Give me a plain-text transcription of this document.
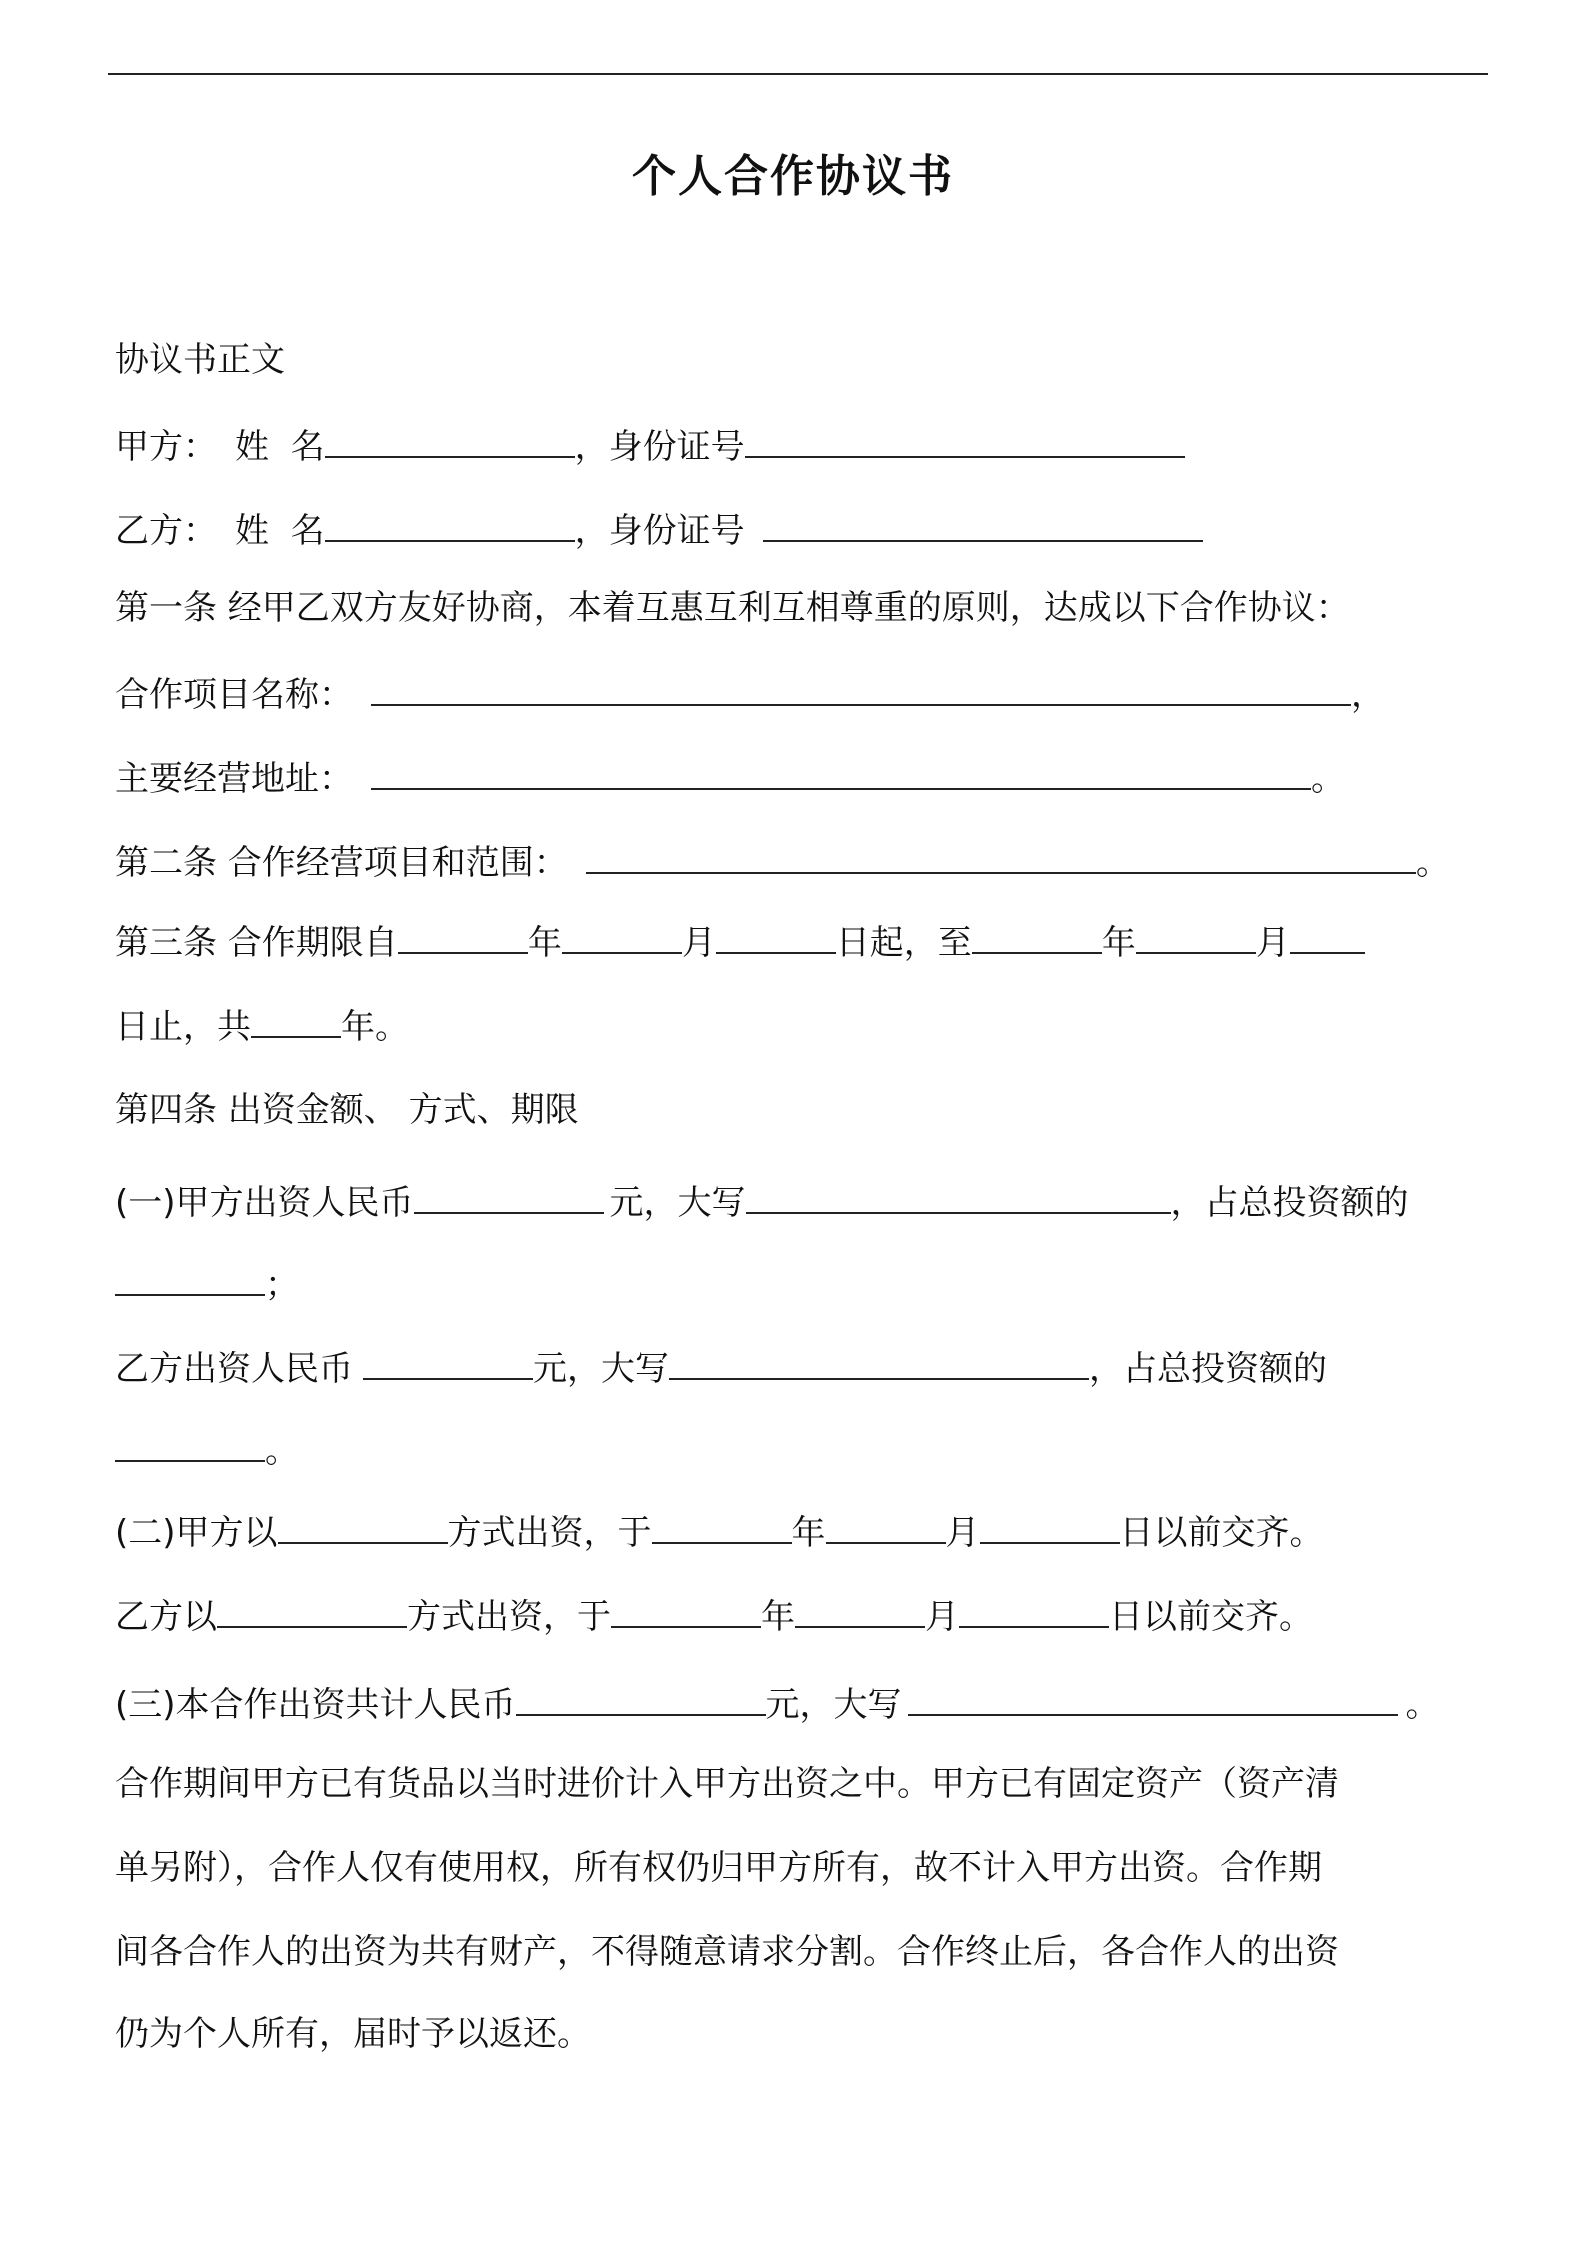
个人合作协议书
协议书正文
甲方： 姓  名	，身份证号
乙方： 姓  名	，身份证号
第一条 经甲乙双方友好协商，本着互惠互利互相尊重的原则，达成以下合作协议：
合作项目名称：	，
主要经营地址：	。
第二条 合作经营项目和范围：	。
第三条 合作期限自	年	月	日起，至	年	月
日止，共	年。
第四条 出资金额、 方式、期限
(一)甲方出资人民币	元，大写	，占总投资额的
；
乙方出资人民币	元，大写	，占总投资额的
。
(二)甲方以	方式出资，于	年	月	日以前交齐。
乙方以	方式出资，于	年	月	日以前交齐。
(三)本合作出资共计人民币	元，大写	。
合作期间甲方已有货品以当时进价计入甲方出资之中。甲方已有固定资产（资产清
单另附），合作人仅有使用权，所有权仍归甲方所有，故不计入甲方出资。合作期
间各合作人的出资为共有财产，不得随意请求分割。合作终止后，各合作人的出资
仍为个人所有，届时予以返还。
